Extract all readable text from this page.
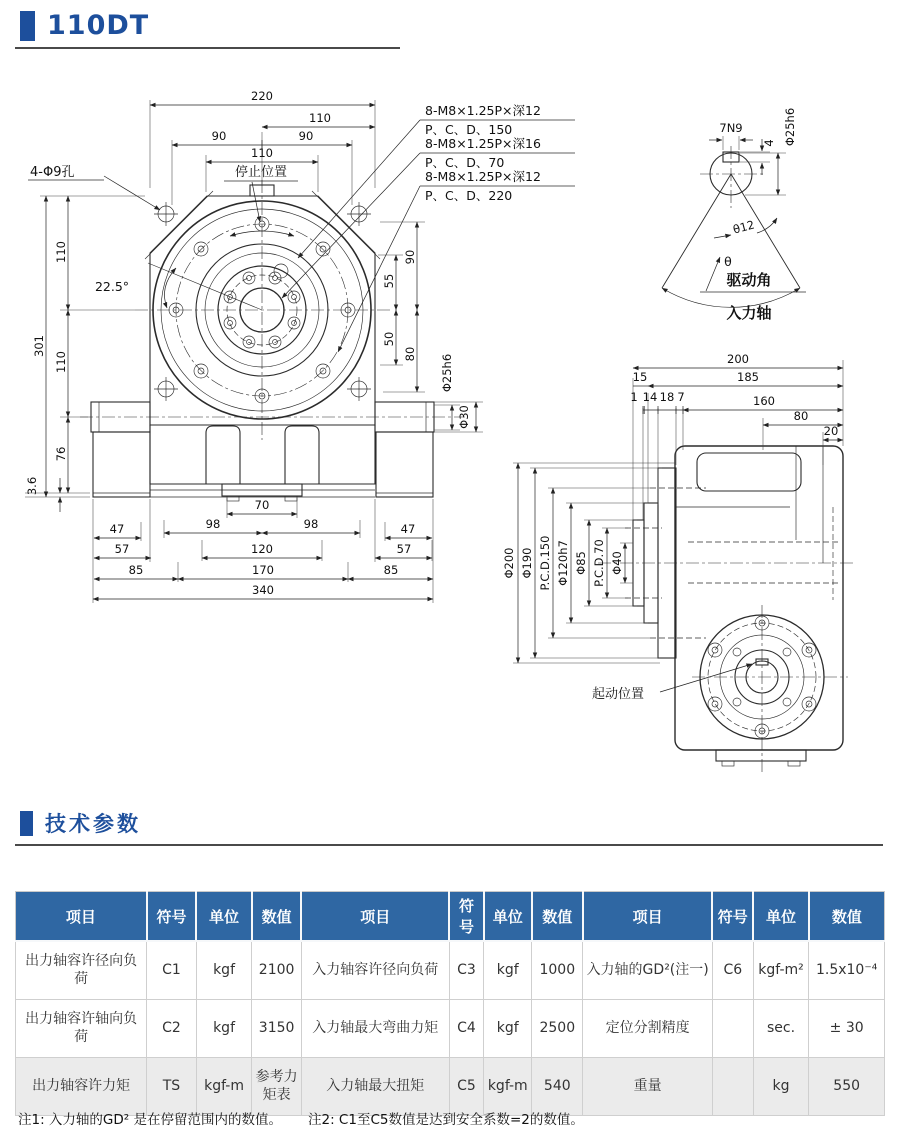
110DT
220
110
90	90
110
301
110
110
76
3.6
90
55
50
80 Φ25h6
Φ30
70
98	98
47	47
57	120	57
85	170	85
340
22.5°
4-Φ9孔	停止位置
8-M8×1.25P×深12
P、C、D、150
8-M8×1.25P×深16
P、C、D、70
8-M8×1.25P×深12
P、C、D、220
7N9
4 Φ25h6
θ
θ12
驱动角
入力轴
200
15	185
1 14 18 7	160
80
20
Φ200 Φ190 P.C.D.150 Φ120h7 Φ85 P.C.D.70 Φ40
起动位置
技术参数
项目	符号	单位	数值	项目	符号	单位	数值	项目	符号	单位	数值
出力轴容许径向负荷	C1	kgf	2100	入力轴容许径向负荷	C3	kgf	1000	入力轴的GD²(注一)	C6	kgf-m²	1.5x10⁻⁴
出力轴容许轴向负荷	C2	kgf	3150	入力轴最大弯曲力矩	C4	kgf	2500	定位分割精度		sec.	± 30
出力轴容许力矩	TS	kgf-m	参考力矩表	入力轴最大扭矩	C5	kgf-m	540	重量		kg	550
注1: 入力轴的GD² 是在停留范围内的数值。 注2: C1至C5数值是达到安全系数=2的数值。
